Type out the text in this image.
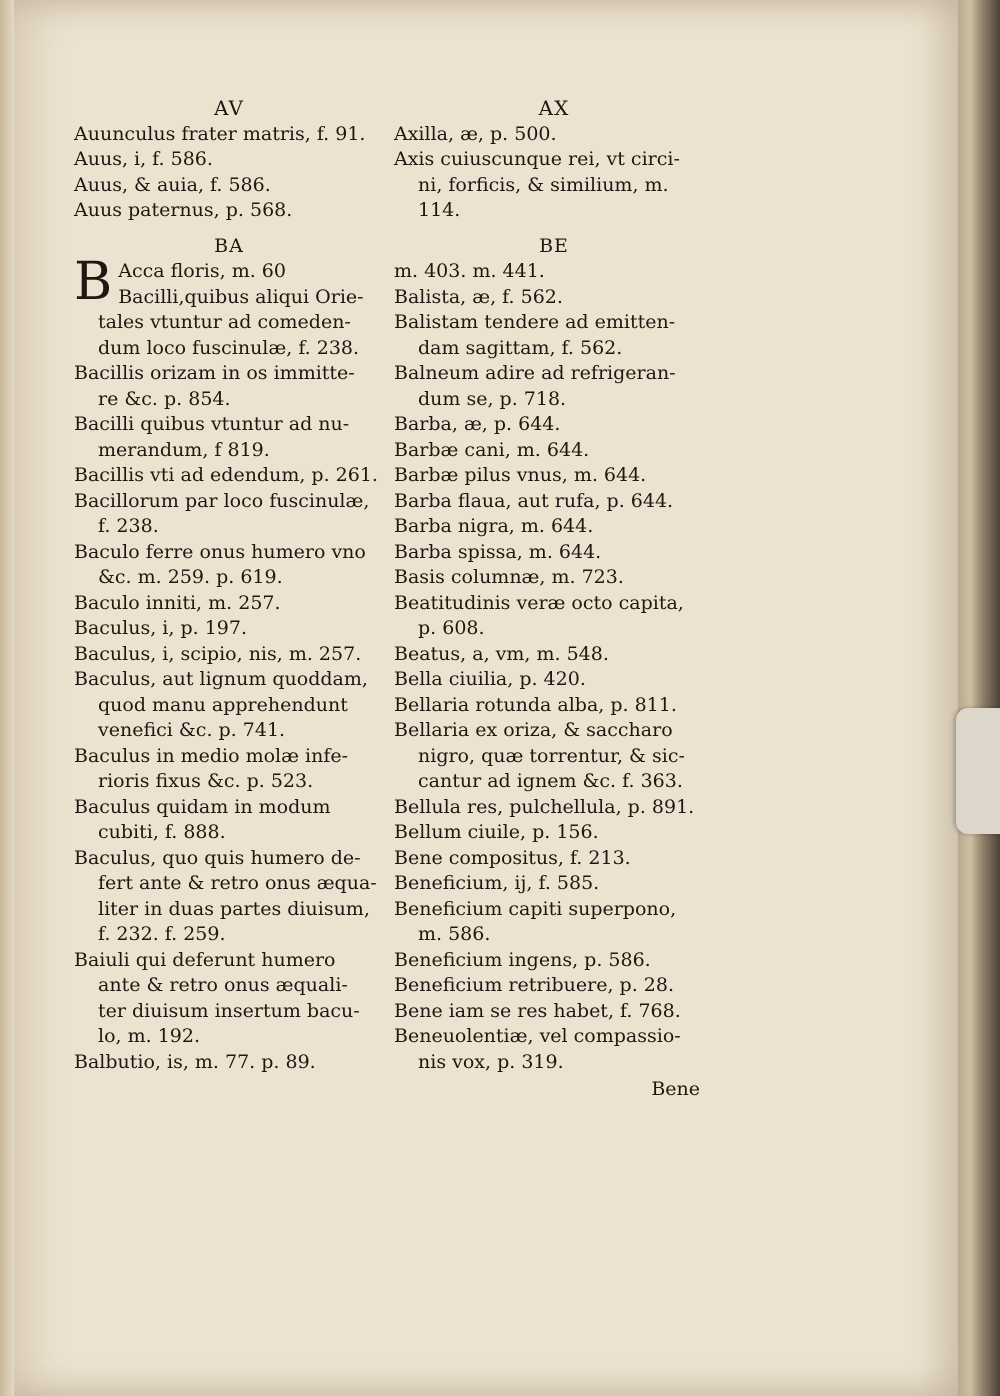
AV
Auunculus frater matris, f. 91.
Auus, i, f. 586.
Auus, & auia, f. 586.
Auus paternus, p. 568.
BA
B Acca floris, m. 60
Bacilli,quibus aliqui Orie-
tales vtuntur ad comeden-
dum loco fuscinulæ, f. 238.
Bacillis orizam in os immitte-
re &c. p. 854.
Bacilli quibus vtuntur ad nu-
merandum, f 819.
Bacillis vti ad edendum, p. 261.
Bacillorum par loco fuscinulæ,
f. 238.
Baculo ferre onus humero vno
&c. m. 259. p. 619.
Baculo inniti, m. 257.
Baculus, i, p. 197.
Baculus, i, scipio, nis, m. 257.
Baculus, aut lignum quoddam,
quod manu apprehendunt
venefici &c. p. 741.
Baculus in medio molæ infe-
rioris fixus &c. p. 523.
Baculus quidam in modum
cubiti, f. 888.
Baculus, quo quis humero de-
fert ante & retro onus æqua-
liter in duas partes diuisum,
f. 232. f. 259.
Baiuli qui deferunt humero
ante & retro onus æquali-
ter diuisum insertum bacu-
lo, m. 192.
Balbutio, is, m. 77. p. 89.
AX
Axilla, æ, p. 500.
Axis cuiuscunque rei, vt circi-
ni, forficis, & similium, m.
114.
BE
m. 403. m. 441.
Balista, æ, f. 562.
Balistam tendere ad emitten-
dam sagittam, f. 562.
Balneum adire ad refrigeran-
dum se, p. 718.
Barba, æ, p. 644.
Barbæ cani, m. 644.
Barbæ pilus vnus, m. 644.
Barba flaua, aut rufa, p. 644.
Barba nigra, m. 644.
Barba spissa, m. 644.
Basis columnæ, m. 723.
Beatitudinis veræ octo capita,
p. 608.
Beatus, a, vm, m. 548.
Bella ciuilia, p. 420.
Bellaria rotunda alba, p. 811.
Bellaria ex oriza, & saccharo
nigro, quæ torrentur, & sic-
cantur ad ignem &c. f. 363.
Bellula res, pulchellula, p. 891.
Bellum ciuile, p. 156.
Bene compositus, f. 213.
Beneficium, ij, f. 585.
Beneficium capiti superpono,
m. 586.
Beneficium ingens, p. 586.
Beneficium retribuere, p. 28.
Bene iam se res habet, f. 768.
Beneuolentiæ, vel compassio-
nis vox, p. 319.
Bene
